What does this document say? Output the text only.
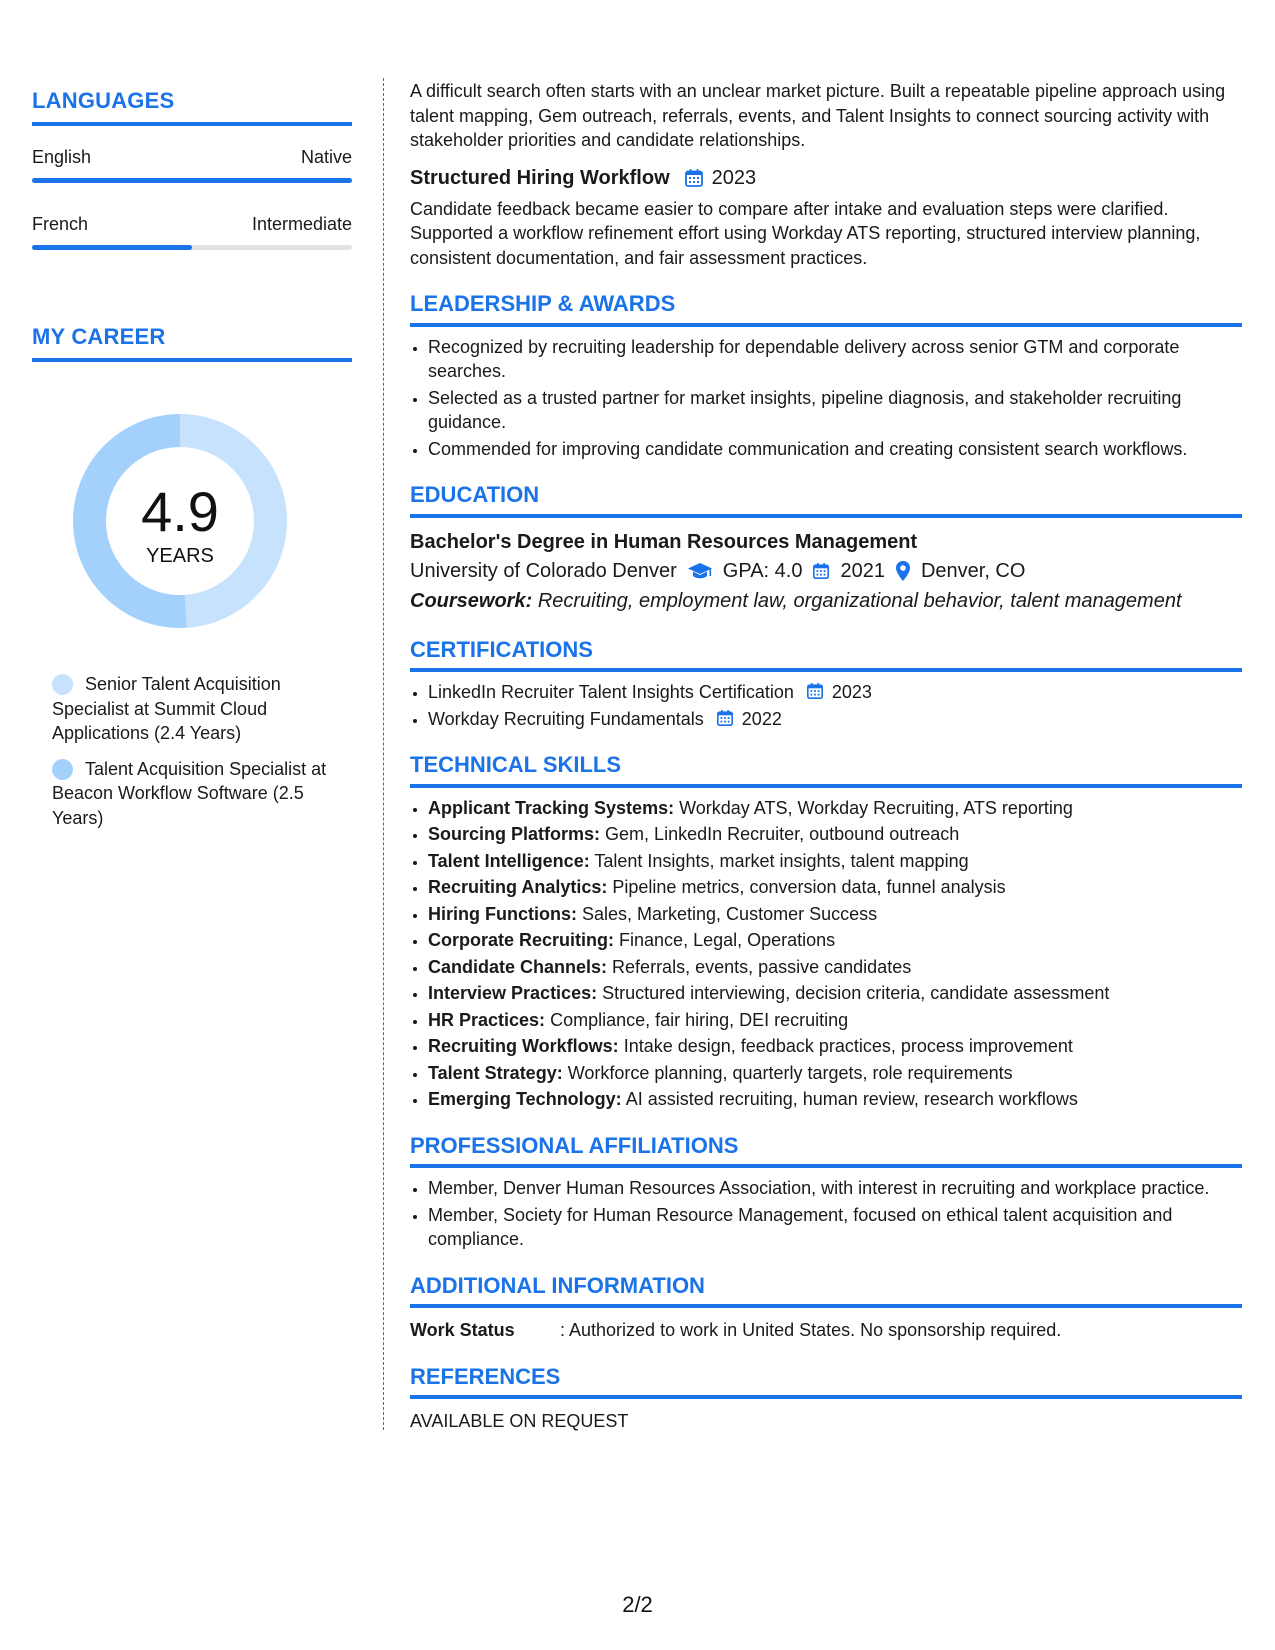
LANGUAGES
English	Native
French	Intermediate
MY CAREER
4.9
YEARS
Senior Talent Acquisition Specialist at Summit Cloud Applications (2.4 Years)
Talent Acquisition Specialist at Beacon Workflow Software (2.5 Years)

A difficult search often starts with an unclear market picture. Built a repeatable pipeline approach using talent mapping, Gem outreach, referrals, events, and Talent Insights to connect sourcing activity with stakeholder priorities and candidate relationships.

Structured Hiring Workflow 2023

Candidate feedback became easier to compare after intake and evaluation steps were clarified. Supported a workflow refinement effort using Workday ATS reporting, structured interview planning, consistent documentation, and fair assessment practices.

LEADERSHIP & AWARDS
• Recognized by recruiting leadership for dependable delivery across senior GTM and corporate searches.
• Selected as a trusted partner for market insights, pipeline diagnosis, and stakeholder recruiting guidance.
• Commended for improving candidate communication and creating consistent search workflows.
EDUCATION
Bachelor's Degree in Human Resources Management
University of Colorado Denver GPA: 4.0 2021 Denver, CO
Coursework: Recruiting, employment law, organizational behavior, talent management
CERTIFICATIONS
• LinkedIn Recruiter Talent Insights Certification 2023
• Workday Recruiting Fundamentals 2022
TECHNICAL SKILLS
• Applicant Tracking Systems: Workday ATS, Workday Recruiting, ATS reporting
• Sourcing Platforms: Gem, LinkedIn Recruiter, outbound outreach
• Talent Intelligence: Talent Insights, market insights, talent mapping
• Recruiting Analytics: Pipeline metrics, conversion data, funnel analysis
• Hiring Functions: Sales, Marketing, Customer Success
• Corporate Recruiting: Finance, Legal, Operations
• Candidate Channels: Referrals, events, passive candidates
• Interview Practices: Structured interviewing, decision criteria, candidate assessment
• HR Practices: Compliance, fair hiring, DEI recruiting
• Recruiting Workflows: Intake design, feedback practices, process improvement
• Talent Strategy: Workforce planning, quarterly targets, role requirements
• Emerging Technology: AI assisted recruiting, human review, research workflows
PROFESSIONAL AFFILIATIONS
• Member, Denver Human Resources Association, with interest in recruiting and workplace practice.
• Member, Society for Human Resource Management, focused on ethical talent acquisition and compliance.
ADDITIONAL INFORMATION
Work Status	: Authorized to work in United States. No sponsorship required.
REFERENCES
AVAILABLE ON REQUEST
2/2
